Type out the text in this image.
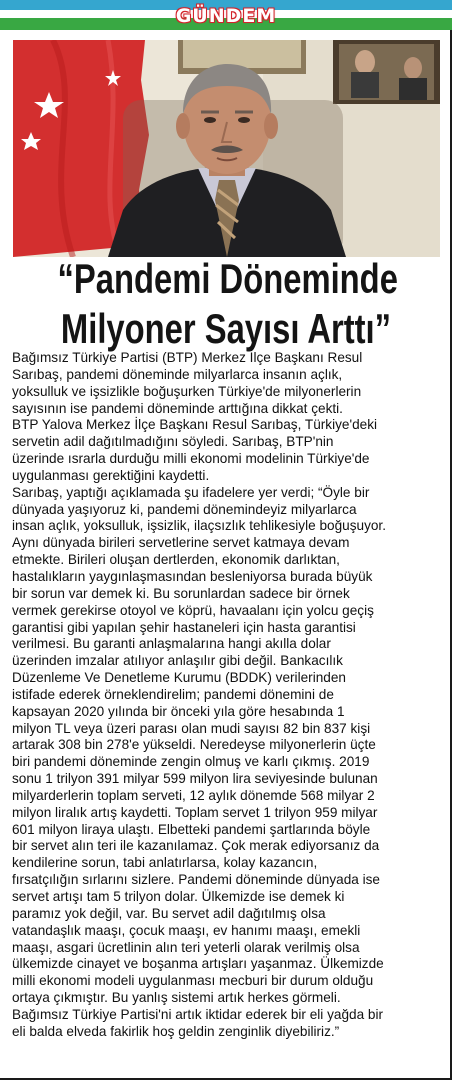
GÜNDEM
“Pandemi Döneminde
Milyoner Sayısı Arttı”
Bağımsız Türkiye Partisi (BTP) Merkez İlçe Başkanı Resul
Sarıbaş, pandemi döneminde milyarlarca insanın açlık,
yoksulluk ve işsizlikle boğuşurken Türkiye'de milyonerlerin
sayısının ise pandemi döneminde arttığına dikkat çekti.
BTP Yalova Merkez İlçe Başkanı Resul Sarıbaş, Türkiye'deki
servetin adil dağıtılmadığını söyledi. Sarıbaş, BTP'nin
üzerinde ısrarla durduğu milli ekonomi modelinin Türkiye'de
uygulanması gerektiğini kaydetti.
Sarıbaş, yaptığı açıklamada şu ifadelere yer verdi; “Öyle bir
dünyada yaşıyoruz ki, pandemi dönemindeyiz milyarlarca
insan açlık, yoksulluk, işsizlik, ilaçsızlık tehlikesiyle boğuşuyor.
Aynı dünyada birileri servetlerine servet katmaya devam
etmekte. Birileri oluşan dertlerden, ekonomik darlıktan,
hastalıkların yaygınlaşmasından besleniyorsa burada büyük
bir sorun var demek ki. Bu sorunlardan sadece bir örnek
vermek gerekirse otoyol ve köprü, havaalanı için yolcu geçiş
garantisi gibi yapılan şehir hastaneleri için hasta garantisi
verilmesi. Bu garanti anlaşmalarına hangi akılla dolar
üzerinden imzalar atılıyor anlaşılır gibi değil. Bankacılık
Düzenleme Ve Denetleme Kurumu (BDDK) verilerinden
istifade ederek örneklendirelim; pandemi dönemini de
kapsayan 2020 yılında bir önceki yıla göre hesabında 1
milyon TL veya üzeri parası olan mudi sayısı 82 bin 837 kişi
artarak 308 bin 278'e yükseldi. Neredeyse milyonerlerin üçte
biri pandemi döneminde zengin olmuş ve karlı çıkmış. 2019
sonu 1 trilyon 391 milyar 599 milyon lira seviyesinde bulunan
milyarderlerin toplam serveti, 12 aylık dönemde 568 milyar 2
milyon liralık artış kaydetti. Toplam servet 1 trilyon 959 milyar
601 milyon liraya ulaştı. Elbetteki pandemi şartlarında böyle
bir servet alın teri ile kazanılamaz. Çok merak ediyorsanız da
kendilerine sorun, tabi anlatırlarsa, kolay kazancın,
fırsatçılığın sırlarını sizlere. Pandemi döneminde dünyada ise
servet artışı tam 5 trilyon dolar. Ülkemizde ise demek ki
paramız yok değil, var. Bu servet adil dağıtılmış olsa
vatandaşlık maaşı, çocuk maaşı, ev hanımı maaşı, emekli
maaşı, asgari ücretlinin alın teri yeterli olarak verilmiş olsa
ülkemizde cinayet ve boşanma artışları yaşanmaz. Ülkemizde
milli ekonomi modeli uygulanması mecburi bir durum olduğu
ortaya çıkmıştır. Bu yanlış sistemi artık herkes görmeli.
Bağımsız Türkiye Partisi'ni artık iktidar ederek bir eli yağda bir
eli balda elveda fakirlik hoş geldin zenginlik diyebiliriz.”
